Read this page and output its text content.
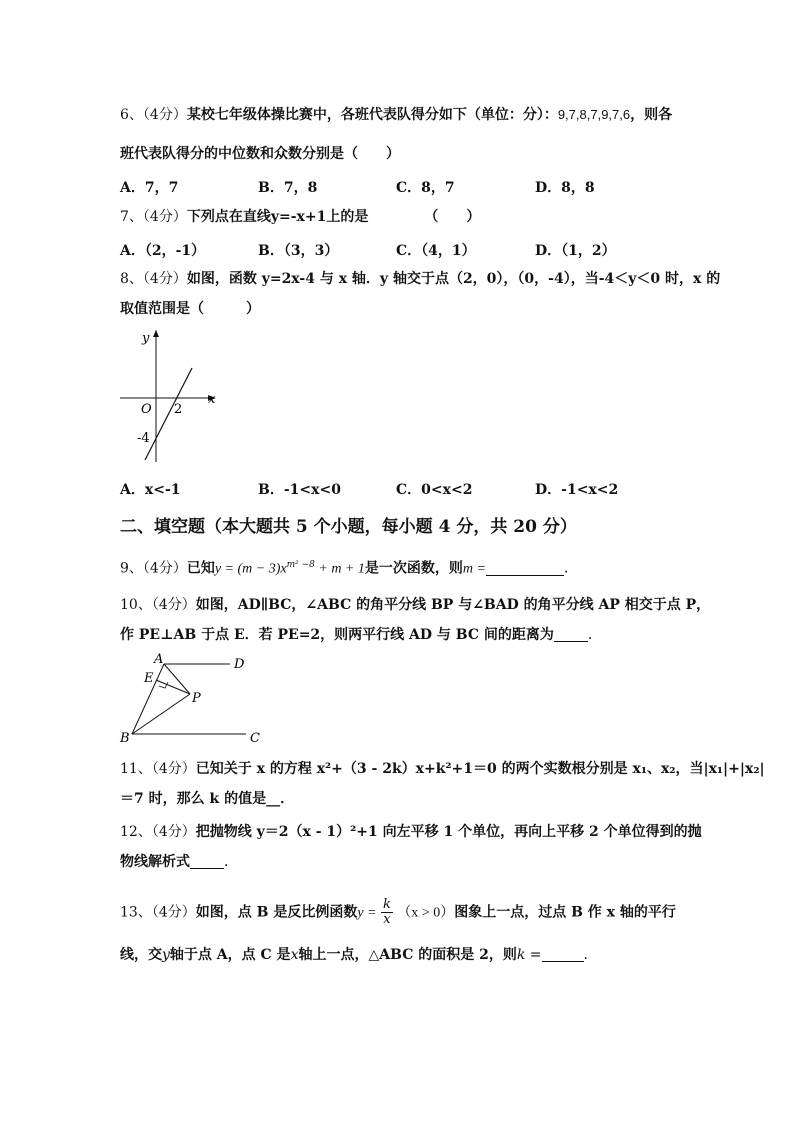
6、（4分）某校七年级体操比赛中，各班代表队得分如下（单位：分）：9,7,8,7,9,7,6，则各
班代表队得分的中位数和众数分别是（　　）
A．7，7	B．7，8	C．8，7	D．8，8
7、（4分）下列点在直线y=-x+1上的是	（　　）
A．（2，-1）	B．（3，3）	C．（4，1）	D．（1，2）
8、（4分）如图，函数 y=2x-4 与 x 轴．y 轴交于点（2，0），（0，-4），当-4＜y＜0 时，x 的
取值范围是（　　　）
y
x
O 2
-4
A．x<-1	B．-1<x<0	C．0<x<2	D．-1<x<2
二、填空题（本大题共 5 个小题，每小题 4 分，共 20 分）
9、（4分）已知$y = (m - 3)x^{m^2 -8} + m + 1$是一次函数，则m =	．
10、（4分）如图，AD∥BC，∠ABC 的角平分线 BP 与∠BAD 的角平分线 AP 相交于点 P，
作 PE⊥AB 于点 E．若 PE=2，则两平行线 AD 与 BC 间的距离为 ．
A	D
E
P
B	C
11、（4分）已知关于 x 的方程 x²+（3 - 2k）x+k²+1＝0 的两个实数根分别是 x₁、x₂，当|x₁|+|x₂|
＝7 时，那么 k 的值是__．
12、（4分）把抛物线 y＝2（x - 1）²+1 向左平移 1 个单位，再向上平移 2 个单位得到的抛
物线解析式 ．
13、（4分）如图，点 B 是反比例函数$y = \frac{k}{x} (x > 0)$图象上一点，过点 B 作 x 轴的平行
线，交y轴于点 A，点 C 是x轴上一点，△ABC 的面积是 2，则k =	．
